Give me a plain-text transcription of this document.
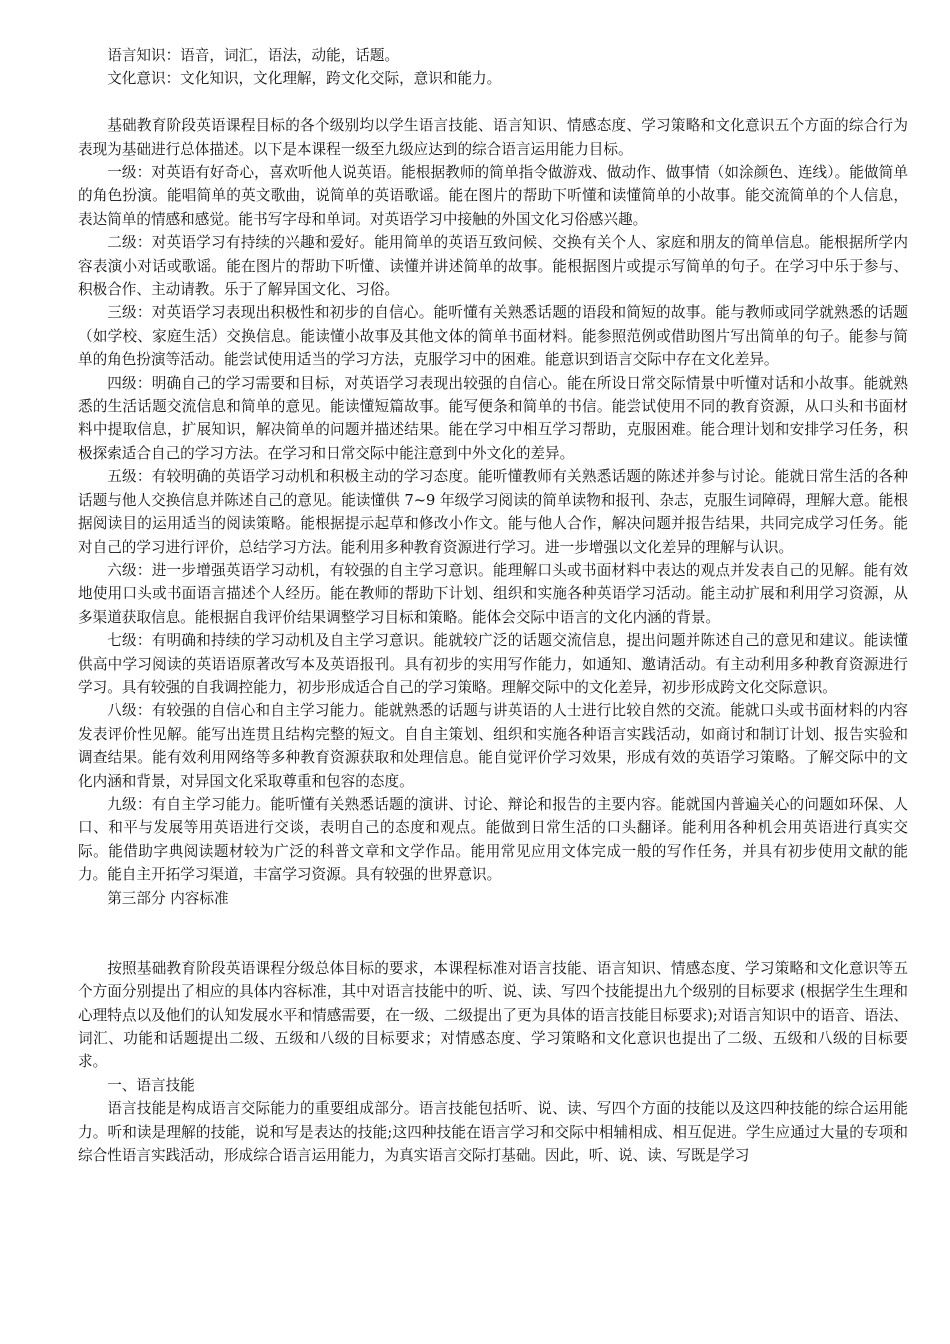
语言知识：语音，词汇，语法，动能，话题。

文化意识：文化知识，文化理解，跨文化交际，意识和能力。

基础教育阶段英语课程目标的各个级别均以学生语言技能、语言知识、情感态度、学习策略和文化意识五个方面的综合行为表现为基础进行总体描述。以下是本课程一级至九级应达到的综合语言运用能力目标。

一级：对英语有好奇心，喜欢听他人说英语。能根据教师的简单指令做游戏、做动作、做事情（如涂颜色、连线）。能做简单的角色扮演。能唱简单的英文歌曲，说简单的英语歌谣。能在图片的帮助下听懂和读懂简单的小故事。能交流简单的个人信息，表达简单的情感和感觉。能书写字母和单词。对英语学习中接触的外国文化习俗感兴趣。

二级：对英语学习有持续的兴趣和爱好。能用简单的英语互致问候、交换有关个人、家庭和朋友的简单信息。能根据所学内容表演小对话或歌谣。能在图片的帮助下听懂、读懂并讲述简单的故事。能根据图片或提示写简单的句子。在学习中乐于参与、积极合作、主动请教。乐于了解异国文化、习俗。

三级：对英语学习表现出积极性和初步的自信心。能听懂有关熟悉话题的语段和简短的故事。能与教师或同学就熟悉的话题（如学校、家庭生活）交换信息。能读懂小故事及其他文体的简单书面材料。能参照范例或借助图片写出简单的句子。能参与简单的角色扮演等活动。能尝试使用适当的学习方法，克服学习中的困难。能意识到语言交际中存在文化差异。

四级：明确自己的学习需要和目标，对英语学习表现出较强的自信心。能在所设日常交际情景中听懂对话和小故事。能就熟悉的生活话题交流信息和简单的意见。能读懂短篇故事。能写便条和简单的书信。能尝试使用不同的教育资源，从口头和书面材料中提取信息，扩展知识，解决简单的问题并描述结果。能在学习中相互学习帮助，克服困难。能合理计划和安排学习任务，积极探索适合自己的学习方法。在学习和日常交际中能注意到中外文化的差异。

五级：有较明确的英语学习动机和积极主动的学习态度。能听懂教师有关熟悉话题的陈述并参与讨论。能就日常生活的各种话题与他人交换信息并陈述自己的意见。能读懂供 7~9 年级学习阅读的简单读物和报刊、杂志，克服生词障碍，理解大意。能根据阅读目的运用适当的阅读策略。能根据提示起草和修改小作文。能与他人合作，解决问题并报告结果，共同完成学习任务。能对自己的学习进行评价，总结学习方法。能利用多种教育资源进行学习。进一步增强以文化差异的理解与认识。

六级：进一步增强英语学习动机，有较强的自主学习意识。能理解口头或书面材料中表达的观点并发表自己的见解。能有效地使用口头或书面语言描述个人经历。能在教师的帮助下计划、组织和实施各种英语学习活动。能主动扩展和利用学习资源，从多渠道获取信息。能根据自我评价结果调整学习目标和策略。能体会交际中语言的文化内涵的背景。

七级：有明确和持续的学习动机及自主学习意识。能就较广泛的话题交流信息，提出问题并陈述自己的意见和建议。能读懂供高中学习阅读的英语语原著改写本及英语报刊。具有初步的实用写作能力，如通知、邀请活动。有主动利用多种教育资源进行学习。具有较强的自我调控能力，初步形成适合自己的学习策略。理解交际中的文化差异，初步形成跨文化交际意识。

八级：有较强的自信心和自主学习能力。能就熟悉的话题与讲英语的人士进行比较自然的交流。能就口头或书面材料的内容发表评价性见解。能写出连贯且结构完整的短文。自自主策划、组织和实施各种语言实践活动，如商讨和制订计划、报告实验和调查结果。能有效利用网络等多种教育资源获取和处理信息。能自觉评价学习效果，形成有效的英语学习策略。了解交际中的文化内涵和背景，对异国文化采取尊重和包容的态度。

九级：有自主学习能力。能听懂有关熟悉话题的演讲、讨论、辩论和报告的主要内容。能就国内普遍关心的问题如环保、人口、和平与发展等用英语进行交谈，表明自己的态度和观点。能做到日常生活的口头翻译。能利用各种机会用英语进行真实交际。能借助字典阅读题材较为广泛的科普文章和文学作品。能用常见应用文体完成一般的写作任务，并具有初步使用文献的能力。能自主开拓学习渠道，丰富学习资源。具有较强的世界意识。

第三部分 内容标准

按照基础教育阶段英语课程分级总体目标的要求，本课程标准对语言技能、语言知识、情感态度、学习策略和文化意识等五个方面分别提出了相应的具体内容标准，其中对语言技能中的听、说、读、写四个技能提出九个级别的目标要求 (根据学生生理和心理特点以及他们的认知发展水平和情感需要，在一级、二级提出了更为具体的语言技能目标要求);对语言知识中的语音、语法、词汇、功能和话题提出二级、五级和八级的目标要求；对情感态度、学习策略和文化意识也提出了二级、五级和八级的目标要求。

一、语言技能

语言技能是构成语言交际能力的重要组成部分。语言技能包括听、说、读、写四个方面的技能以及这四种技能的综合运用能力。听和读是理解的技能，说和写是表达的技能;这四种技能在语言学习和交际中相辅相成、相互促进。学生应通过大量的专项和综合性语言实践活动，形成综合语言运用能力，为真实语言交际打基础。因此，听、说、读、写既是学习
